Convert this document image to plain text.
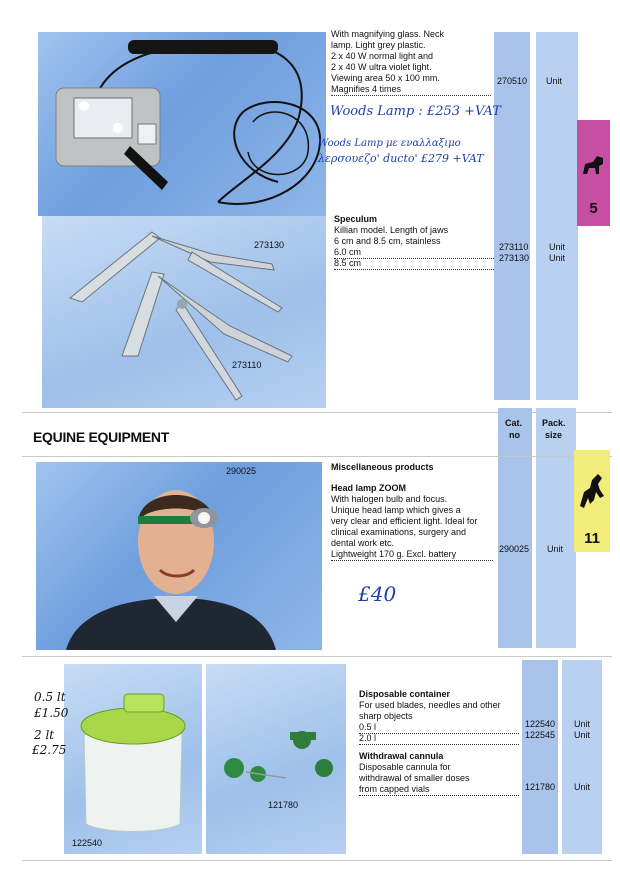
With magnifying glass. Neck
lamp. Light grey plastic.
2 x 40 W normal light and
2 x 40 W ultra violet light.
Viewing area 50 x 100 mm.
Magnifies 4 times
270510 Unit
Woods Lamp : £253 +VAT
Woods Lamp με εναλλαξιμο
λερσουεζο' ducto' £279 +VAT
5
273130
273110
Speculum
Killian model. Length of jaws
6 cm and 8.5 cm, stainless
6.0 cm	273110 Unit
8.5 cm	273130 Unit
EQUINE EQUIPMENT
Cat.
no
Pack.
size
290025	Miscellaneous products
Head lamp ZOOM
With halogen bulb and focus.
Unique head lamp which gives a
very clear and efficient light. Ideal for
clinical examinations, surgery and
dental work etc.
Lightweight 170 g. Excl. battery	290025 Unit
£40
11
122540
121780
0.5 lt
£1.50
2 lt
£2.75
Disposable container
For used blades, needles and other
sharp objects
0.5 l	122540 Unit
2.0 l	122545 Unit
Withdrawal cannula
Disposable cannula for
withdrawal of smaller doses
from capped vials	121780 Unit
